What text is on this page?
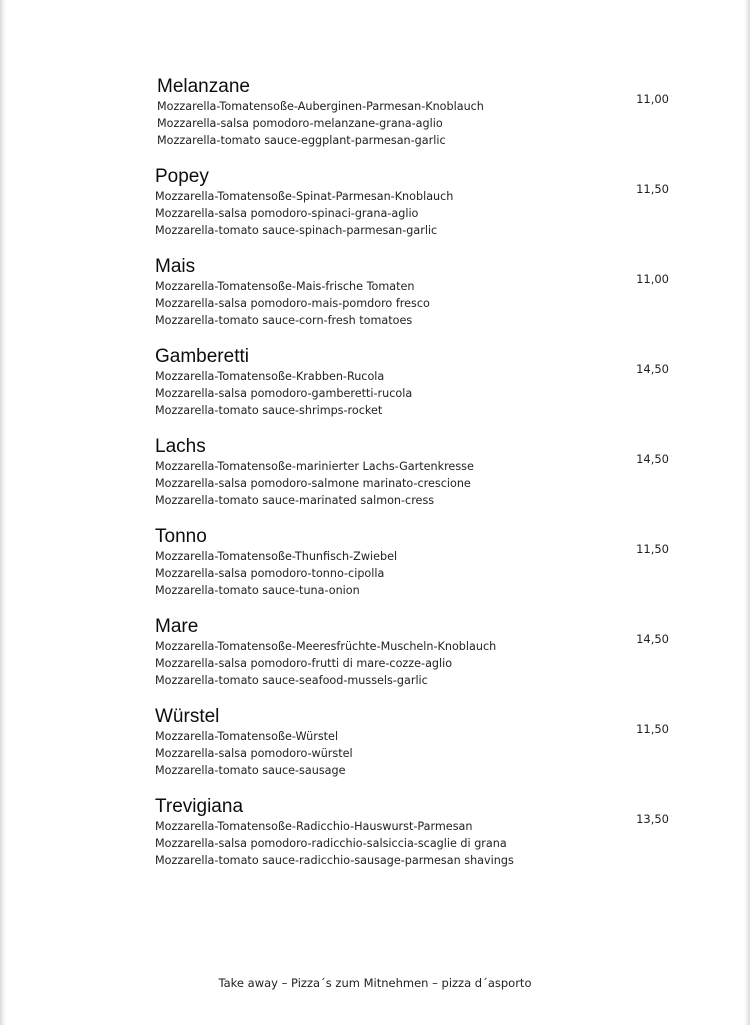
Melanzane
Mozzarella-Tomatensoße-Auberginen-Parmesan-Knoblauch
Mozzarella-salsa pomodoro-melanzane-grana-aglio
Mozzarella-tomato sauce-eggplant-parmesan-garlic
11,00
Popey
Mozzarella-Tomatensoße-Spinat-Parmesan-Knoblauch
Mozzarella-salsa pomodoro-spinaci-grana-aglio
Mozzarella-tomato sauce-spinach-parmesan-garlic
11,50
Mais
Mozzarella-Tomatensoße-Mais-frische Tomaten
Mozzarella-salsa pomodoro-mais-pomdoro fresco
Mozzarella-tomato sauce-corn-fresh tomatoes
11,00
Gamberetti
Mozzarella-Tomatensoße-Krabben-Rucola
Mozzarella-salsa pomodoro-gamberetti-rucola
Mozzarella-tomato sauce-shrimps-rocket
14,50
Lachs
Mozzarella-Tomatensoße-marinierter Lachs-Gartenkresse
Mozzarella-salsa pomodoro-salmone marinato-crescione
Mozzarella-tomato sauce-marinated salmon-cress
14,50
Tonno
Mozzarella-Tomatensoße-Thunfisch-Zwiebel
Mozzarella-salsa pomodoro-tonno-cipolla
Mozzarella-tomato sauce-tuna-onion
11,50
Mare
Mozzarella-Tomatensoße-Meeresfrüchte-Muscheln-Knoblauch
Mozzarella-salsa pomodoro-frutti di mare-cozze-aglio
Mozzarella-tomato sauce-seafood-mussels-garlic
14,50
Würstel
Mozzarella-Tomatensoße-Würstel
Mozzarella-salsa pomodoro-würstel
Mozzarella-tomato sauce-sausage
11,50
Trevigiana
Mozzarella-Tomatensoße-Radicchio-Hauswurst-Parmesan
Mozzarella-salsa pomodoro-radicchio-salsiccia-scaglie di grana
Mozzarella-tomato sauce-radicchio-sausage-parmesan shavings
13,50
Take away – Pizza´s zum Mitnehmen – pizza d´asporto
